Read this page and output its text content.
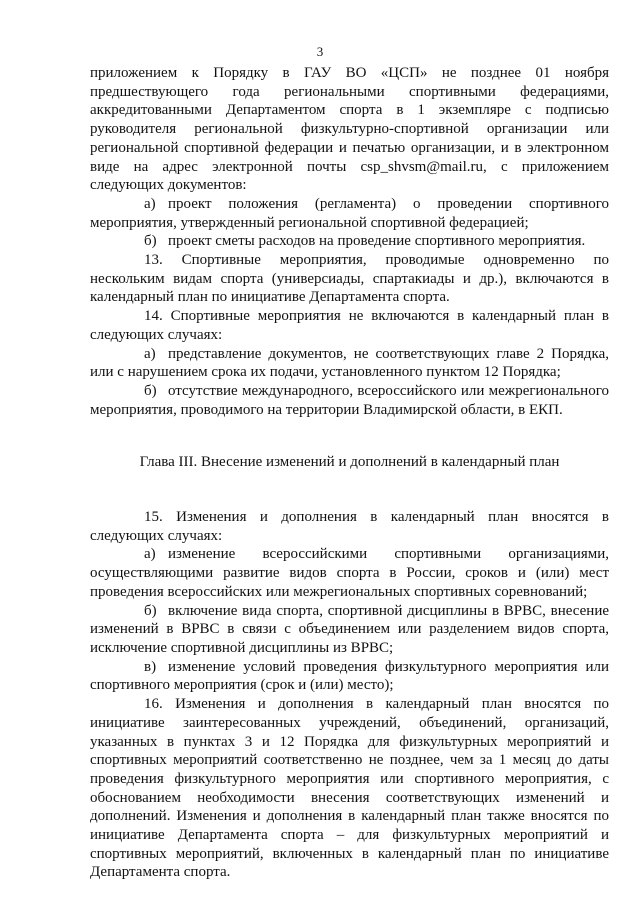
3

приложением к Порядку в ГАУ ВО «ЦСП» не позднее 01 ноября предшествующего года региональными спортивными федерациями, аккредитованными Департаментом спорта в 1 экземпляре с подписью руководителя региональной физкультурно-спортивной организации или региональной спортивной федерации и печатью организации, и в электронном виде на адрес электронной почты csp_shvsm@mail.ru, с приложением следующих документов:

а) проект положения (регламента) о проведении спортивного мероприятия, утвержденный региональной спортивной федерацией;

б) проект сметы расходов на проведение спортивного мероприятия.

13. Спортивные мероприятия, проводимые одновременно по нескольким видам спорта (универсиады, спартакиады и др.), включаются в календарный план по инициативе Департамента спорта.

14. Спортивные мероприятия не включаются в календарный план в следующих случаях:

а) представление документов, не соответствующих главе 2 Порядка, или с нарушением срока их подачи, установленного пунктом 12 Порядка;

б) отсутствие международного, всероссийского или межрегионального мероприятия, проводимого на территории Владимирской области, в ЕКП.

Глава III. Внесение изменений и дополнений в календарный план

15. Изменения и дополнения в календарный план вносятся в следующих случаях:

а) изменение всероссийскими спортивными организациями, осуществляющими развитие видов спорта в России, сроков и (или) мест проведения всероссийских или межрегиональных спортивных соревнований;

б) включение вида спорта, спортивной дисциплины в ВРВС, внесение изменений в ВРВС в связи с объединением или разделением видов спорта, исключение спортивной дисциплины из ВРВС;

в) изменение условий проведения физкультурного мероприятия или спортивного мероприятия (срок и (или) место);

16. Изменения и дополнения в календарный план вносятся по инициативе заинтересованных учреждений, объединений, организаций, указанных в пунктах 3 и 12 Порядка для физкультурных мероприятий и спортивных мероприятий соответственно не позднее, чем за 1 месяц до даты проведения физкультурного мероприятия или спортивного мероприятия, с обоснованием необходимости внесения соответствующих изменений и дополнений. Изменения и дополнения в календарный план также вносятся по инициативе Департамента спорта – для физкультурных мероприятий и спортивных мероприятий, включенных в календарный план по инициативе Департамента спорта.
